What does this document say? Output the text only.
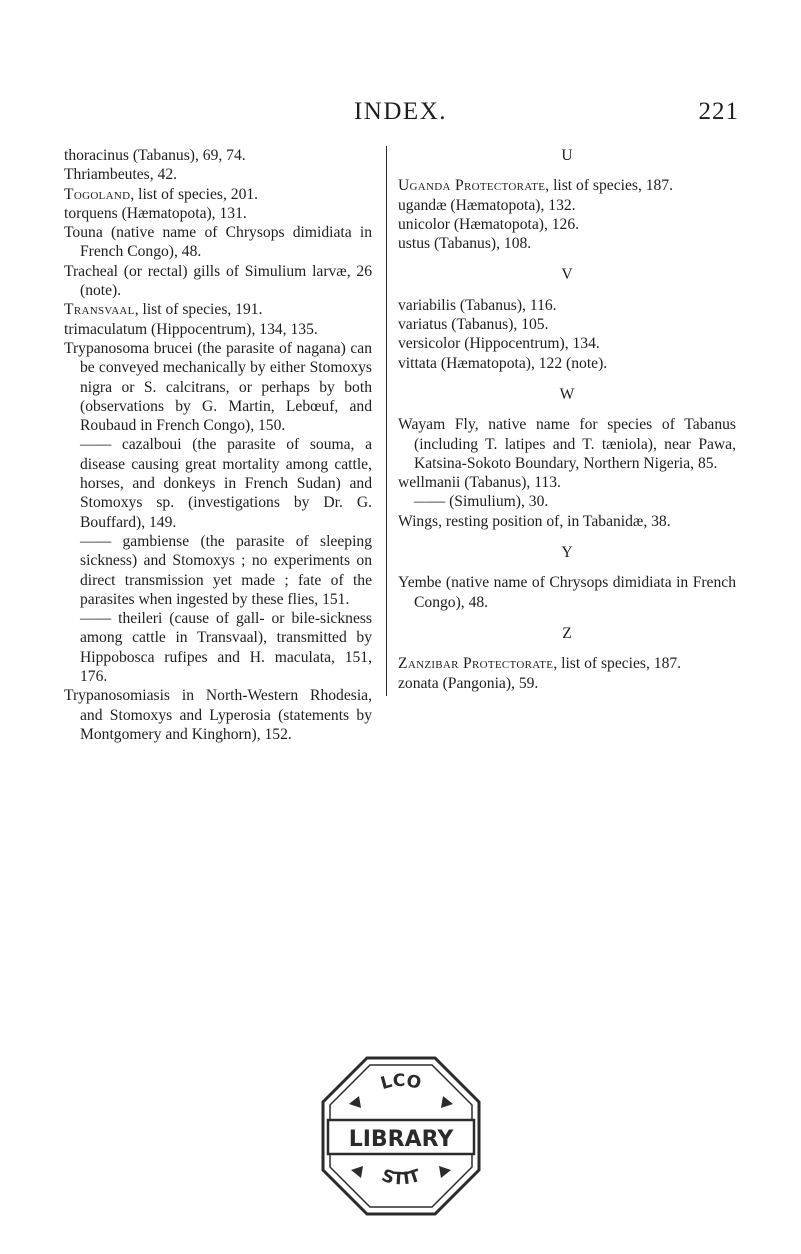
INDEX.	221

thoracinus (Tabanus), 69, 74.

Thriambeutes, 42.

Togoland, list of species, 201.

torquens (Hæmatopota), 131.

Touna (native name of Chrysops dimidiata in French Congo), 48.

Tracheal (or rectal) gills of Simulium larvæ, 26 (note).

Transvaal, list of species, 191.

trimaculatum (Hippocentrum), 134, 135.

Trypanosoma brucei (the parasite of nagana) can be conveyed mechanically by either Stomoxys nigra or S. calcitrans, or perhaps by both (observations by G. Martin, Lebœuf, and Roubaud in French Congo), 150.

—— cazalboui (the parasite of souma, a disease causing great mortality among cattle, horses, and donkeys in French Sudan) and Stomoxys sp. (investigations by Dr. G. Bouffard), 149.

—— gambiense (the parasite of sleeping sickness) and Stomoxys ; no experiments on direct transmission yet made ; fate of the parasites when ingested by these flies, 151.

—— theileri (cause of gall- or bile-sickness among cattle in Transvaal), transmitted by Hippobosca rufipes and H. maculata, 151, 176.

Trypanosomiasis in North-Western Rhodesia, and Stomoxys and Lyperosia (statements by Montgomery and Kinghorn), 152.

U

Uganda Protectorate, list of species, 187.

ugandæ (Hæmatopota), 132.

unicolor (Hæmatopota), 126.

ustus (Tabanus), 108.

V

variabilis (Tabanus), 116.

variatus (Tabanus), 105.

versicolor (Hippocentrum), 134.

vittata (Hæmatopota), 122 (note).

W

Wayam Fly, native name for species of Tabanus (including T. latipes and T. tæniola), near Pawa, Katsina-Sokoto Boundary, Northern Nigeria, 85.

wellmanii (Tabanus), 113.

—— (Simulium), 30.

Wings, resting position of, in Tabanidæ, 38.

Y

Yembe (native name of Chrysops dimidiata in French Congo), 48.

Z

Zanzibar Protectorate, list of species, 187.

zonata (Pangonia), 59.

LIBRARY
LCO
STIT
